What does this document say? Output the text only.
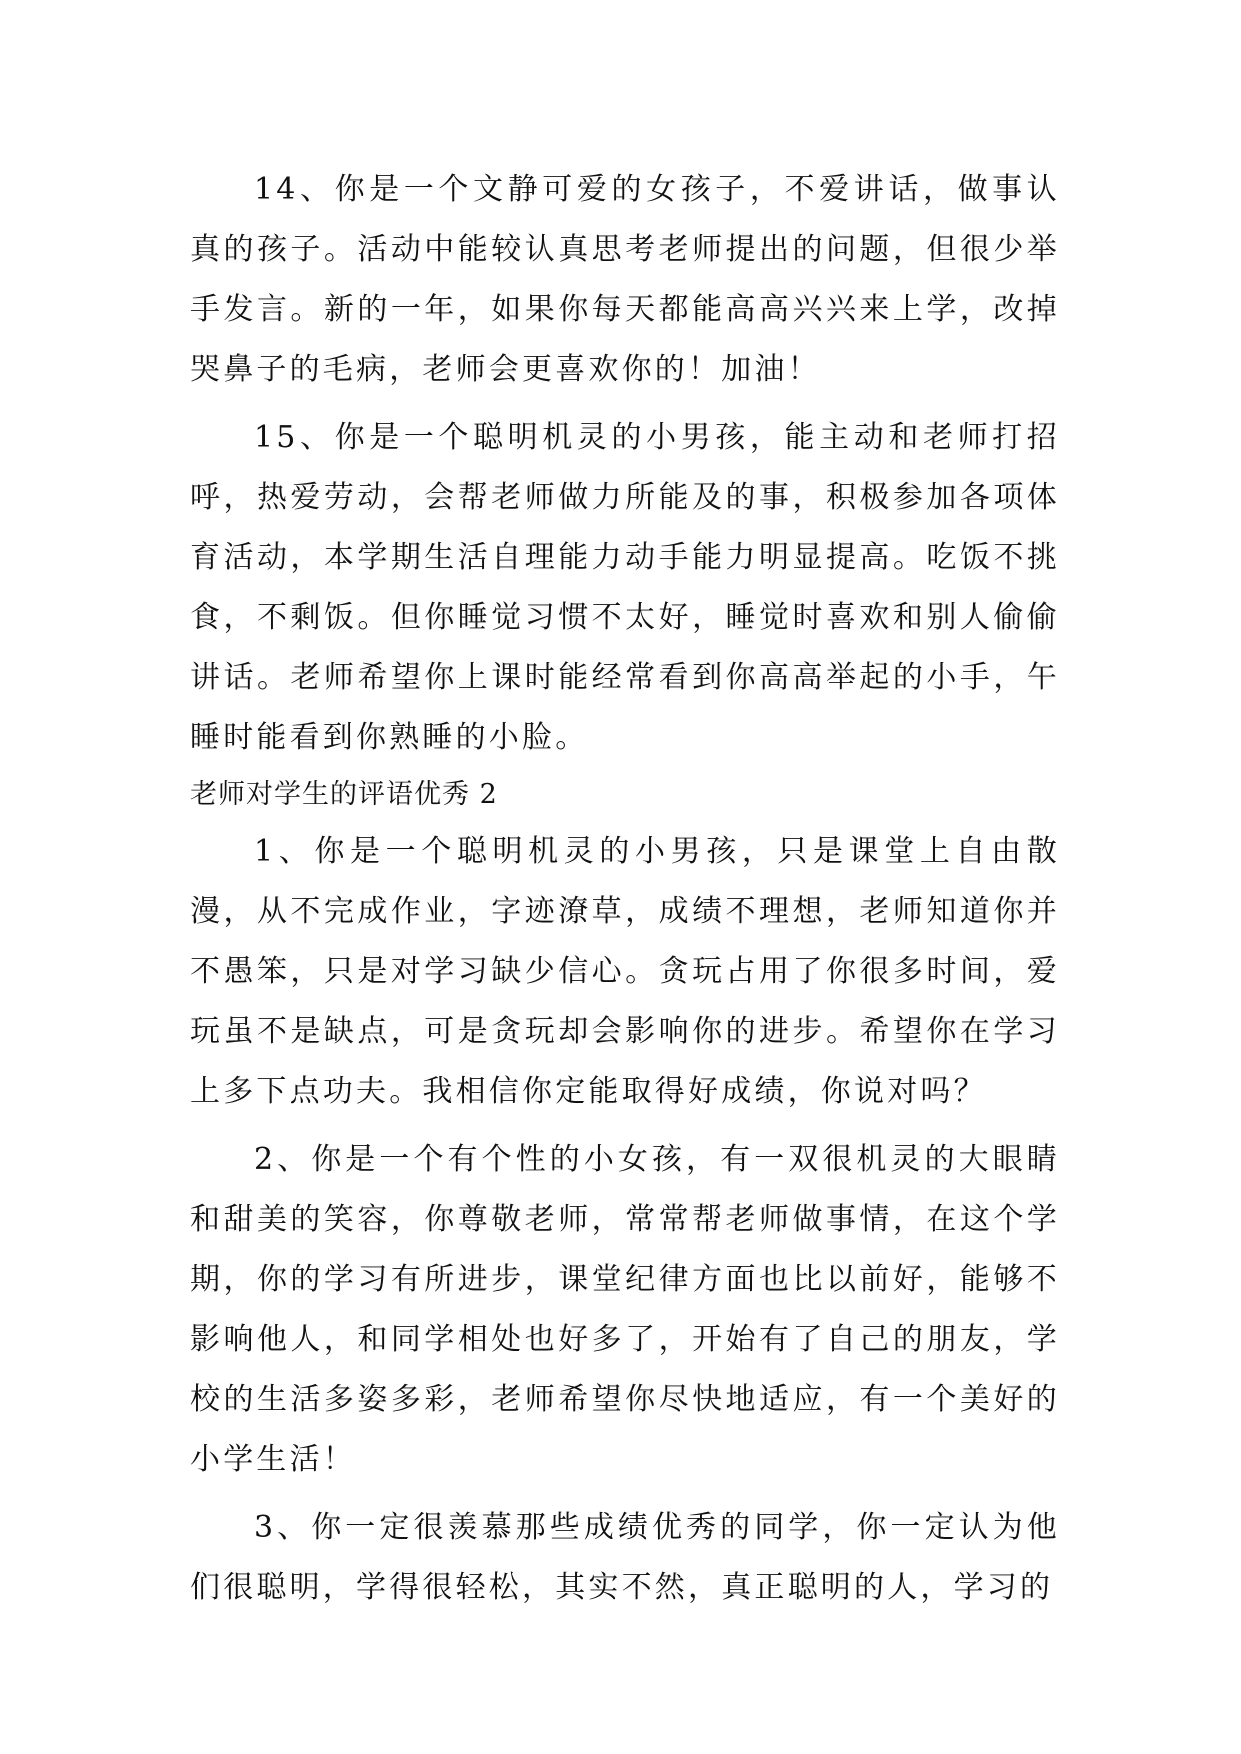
14、你是一个文静可爱的女孩子，不爱讲话，做事认真的孩子。活动中能较认真思考老师提出的问题，但很少举手发言。新的一年，如果你每天都能高高兴兴来上学，改掉哭鼻子的毛病，老师会更喜欢你的！加油！

15、你是一个聪明机灵的小男孩，能主动和老师打招呼，热爱劳动，会帮老师做力所能及的事，积极参加各项体育活动，本学期生活自理能力动手能力明显提高。吃饭不挑食，不剩饭。但你睡觉习惯不太好，睡觉时喜欢和别人偷偷讲话。老师希望你上课时能经常看到你高高举起的小手，午睡时能看到你熟睡的小脸。

老师对学生的评语优秀 2

1、你是一个聪明机灵的小男孩，只是课堂上自由散漫，从不完成作业，字迹潦草，成绩不理想，老师知道你并不愚笨，只是对学习缺少信心。贪玩占用了你很多时间，爱玩虽不是缺点，可是贪玩却会影响你的进步。希望你在学习上多下点功夫。我相信你定能取得好成绩，你说对吗？

2、你是一个有个性的小女孩，有一双很机灵的大眼睛和甜美的笑容，你尊敬老师，常常帮老师做事情，在这个学期，你的学习有所进步，课堂纪律方面也比以前好，能够不影响他人，和同学相处也好多了，开始有了自己的朋友，学校的生活多姿多彩，老师希望你尽快地适应，有一个美好的小学生活！

3、你一定很羡慕那些成绩优秀的同学，你一定认为他们很聪明，学得很轻松，其实不然，真正聪明的人，学习的
